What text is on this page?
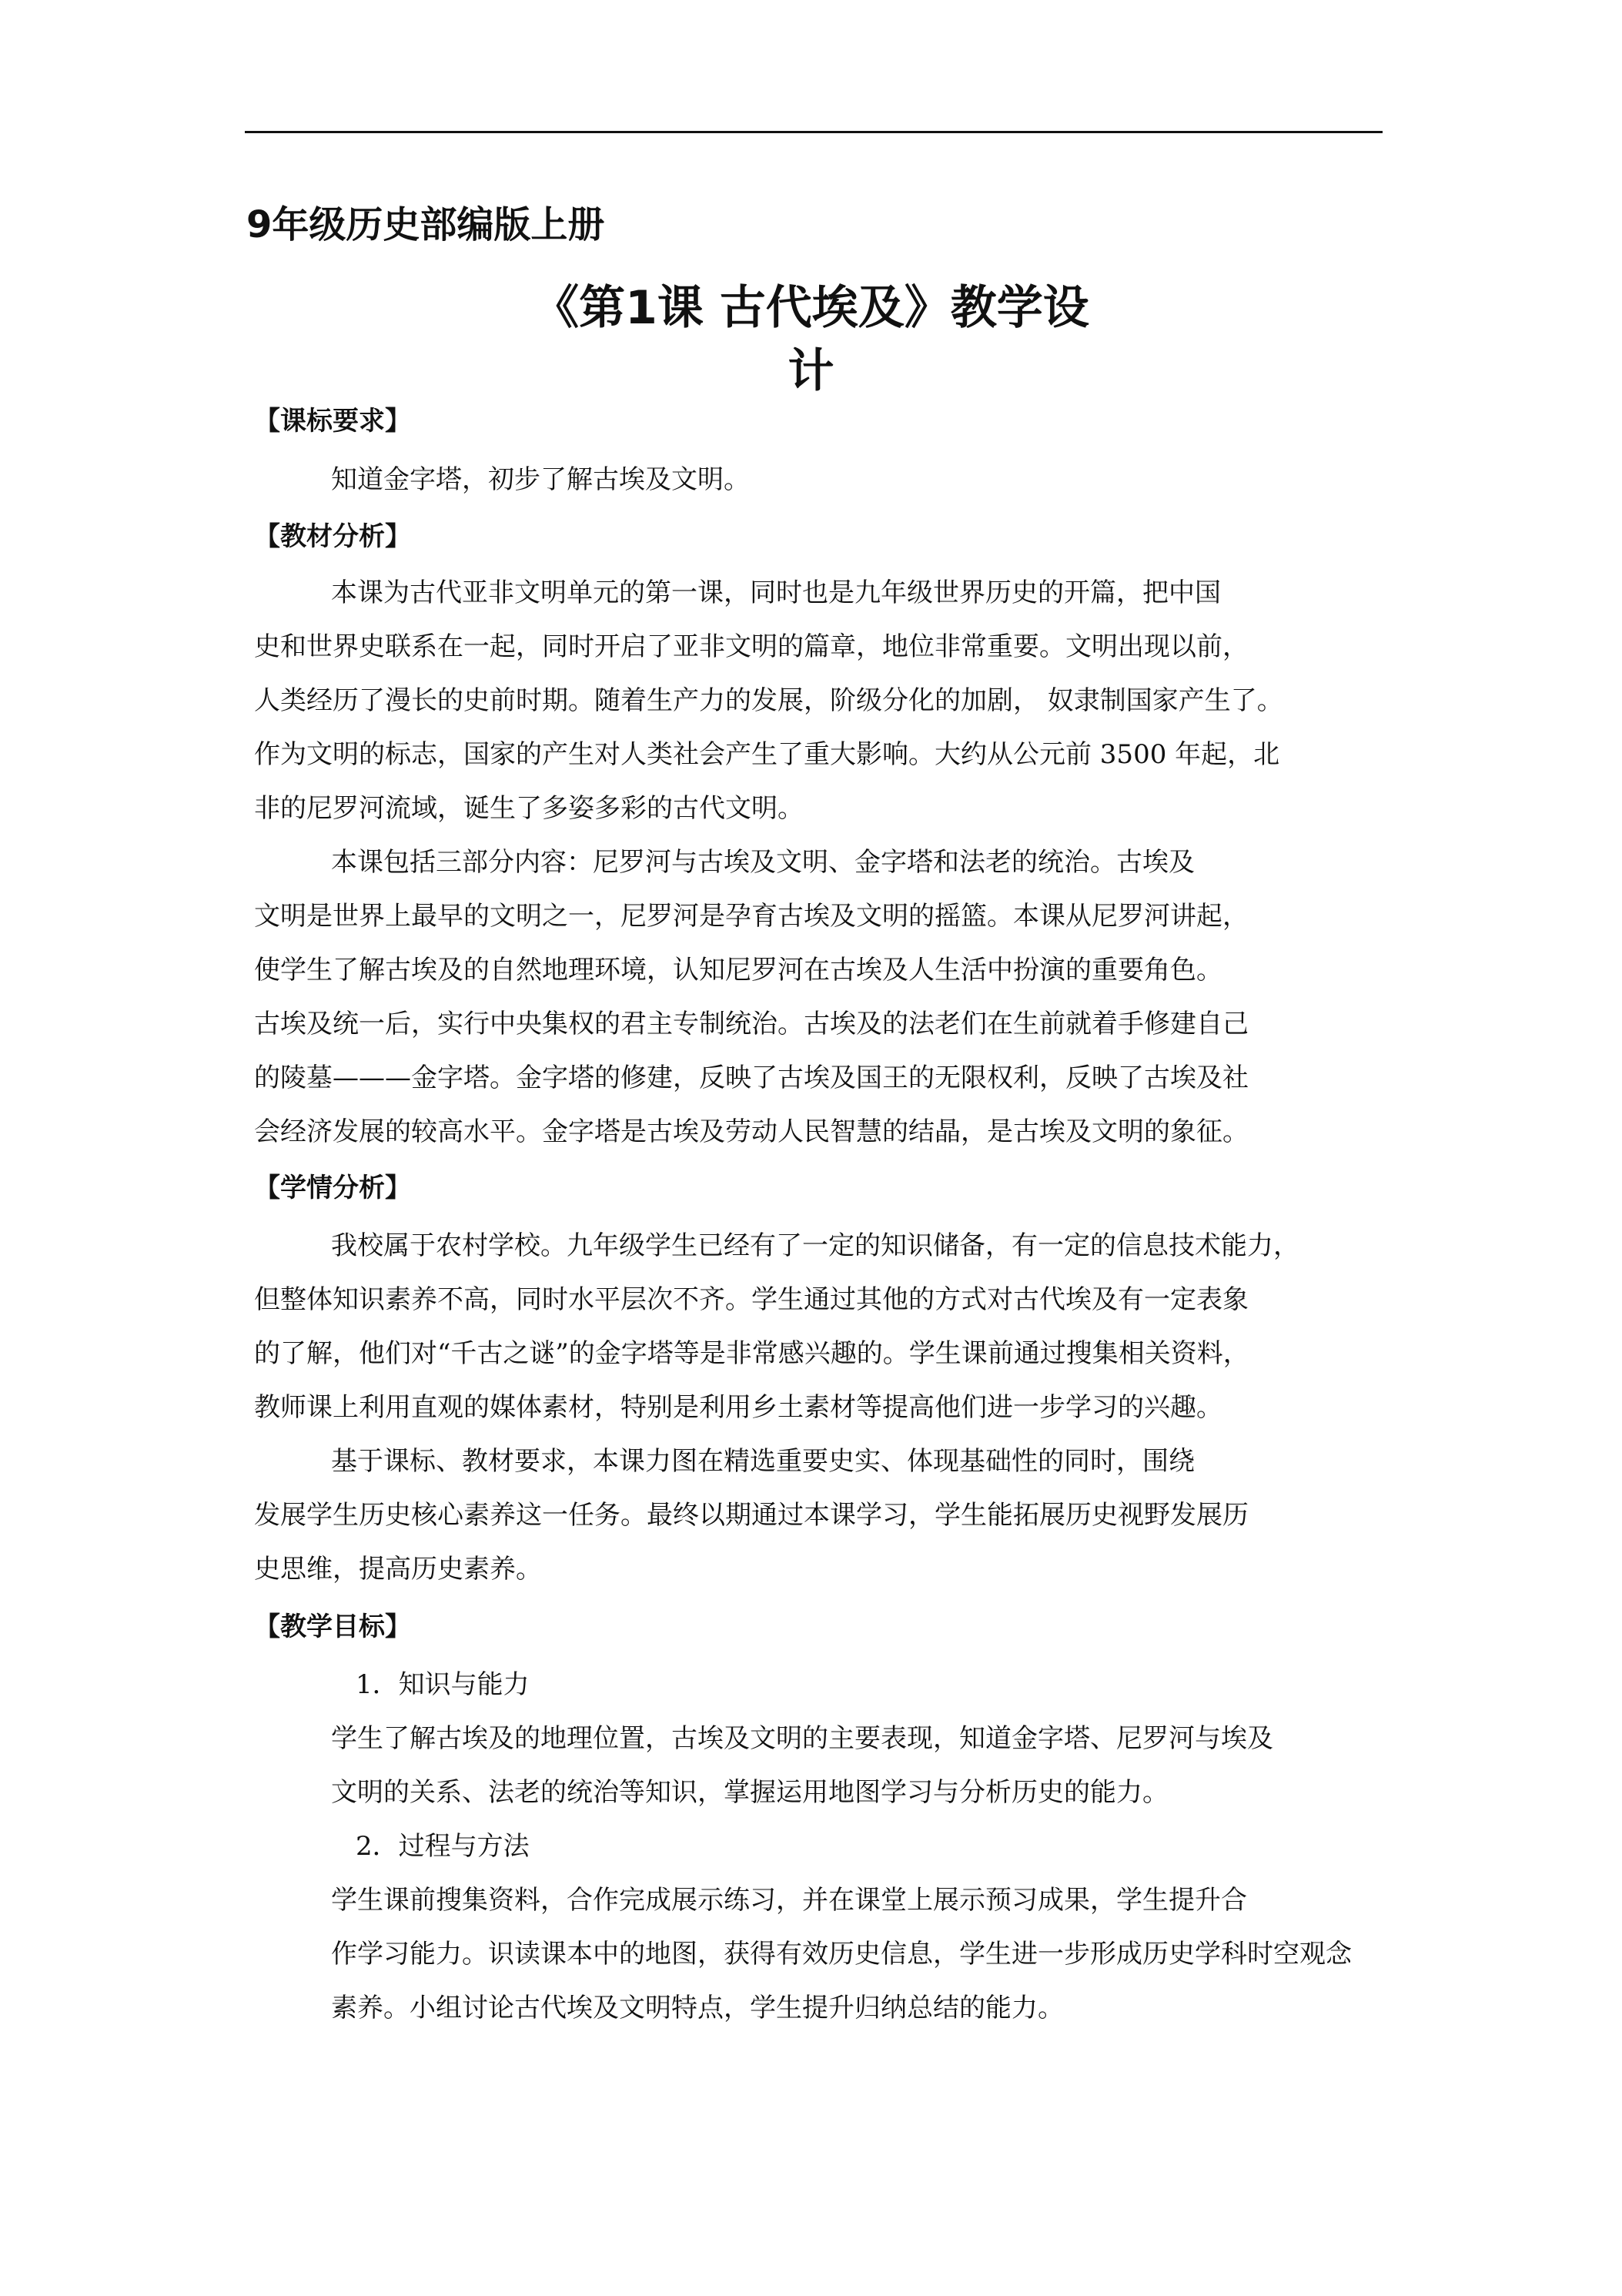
9年级历史部编版上册
《第1课 古代埃及》教学设
计
【课标要求】
知道金字塔，初步了解古埃及文明。
【教材分析】
本课为古代亚非文明单元的第一课，同时也是九年级世界历史的开篇，把中国
史和世界史联系在一起，同时开启了亚非文明的篇章，地位非常重要。文明出现以前，
人类经历了漫长的史前时期。随着生产力的发展，阶级分化的加剧， 奴隶制国家产生了。
作为文明的标志，国家的产生对人类社会产生了重大影响。大约从公元前 3500 年起，北
非的尼罗河流域，诞生了多姿多彩的古代文明。
本课包括三部分内容：尼罗河与古埃及文明、金字塔和法老的统治。古埃及
文明是世界上最早的文明之一，尼罗河是孕育古埃及文明的摇篮。本课从尼罗河讲起，
使学生了解古埃及的自然地理环境，认知尼罗河在古埃及人生活中扮演的重要角色。
古埃及统一后，实行中央集权的君主专制统治。古埃及的法老们在生前就着手修建自己
的陵墓———金字塔。金字塔的修建，反映了古埃及国王的无限权利，反映了古埃及社
会经济发展的较高水平。金字塔是古埃及劳动人民智慧的结晶，是古埃及文明的象征。
【学情分析】
我校属于农村学校。九年级学生已经有了一定的知识储备，有一定的信息技术能力，
但整体知识素养不高，同时水平层次不齐。学生通过其他的方式对古代埃及有一定表象
的了解，他们对“千古之谜”的金字塔等是非常感兴趣的。学生课前通过搜集相关资料，
教师课上利用直观的媒体素材，特别是利用乡土素材等提高他们进一步学习的兴趣。
基于课标、教材要求，本课力图在精选重要史实、体现基础性的同时，围绕
发展学生历史核心素养这一任务。最终以期通过本课学习，学生能拓展历史视野发展历
史思维，提高历史素养。
【教学目标】
1．知识与能力
学生了解古埃及的地理位置，古埃及文明的主要表现，知道金字塔、尼罗河与埃及
文明的关系、法老的统治等知识，掌握运用地图学习与分析历史的能力。
2．过程与方法
学生课前搜集资料，合作完成展示练习，并在课堂上展示预习成果，学生提升合
作学习能力。识读课本中的地图，获得有效历史信息，学生进一步形成历史学科时空观念
素养。小组讨论古代埃及文明特点，学生提升归纳总结的能力。
